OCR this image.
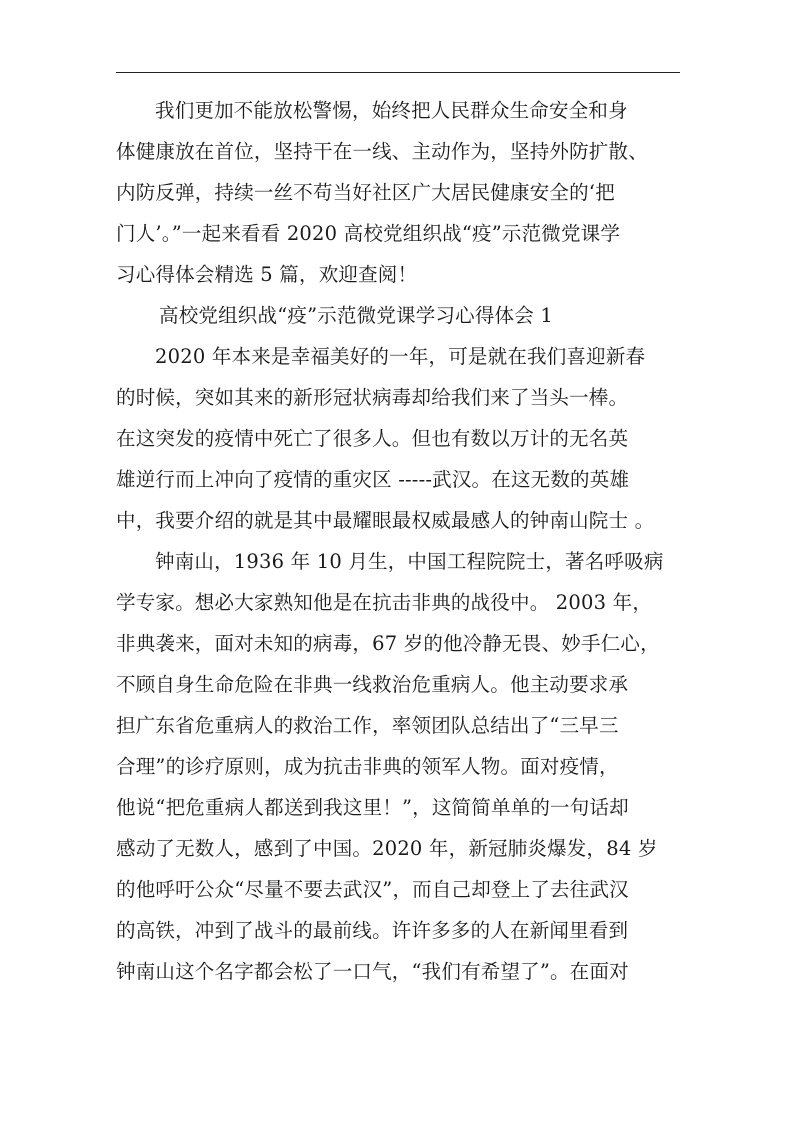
我们更加不能放松警惕，始终把人民群众生命安全和身
体健康放在首位，坚持干在一线、主动作为，坚持外防扩散、
内防反弹，持续一丝不苟当好社区广大居民健康安全的‘把
门人’。”一起来看看 2020 高校党组织战“疫”示范微党课学
习心得体会精选 5 篇，欢迎查阅！
高校党组织战“疫”示范微党课学习心得体会 1
2020 年本来是幸福美好的一年，可是就在我们喜迎新春
的时候，突如其来的新形冠状病毒却给我们来了当头一棒。
在这突发的疫情中死亡了很多人。但也有数以万计的无名英
雄逆行而上冲向了疫情的重灾区 -----武汉。在这无数的英雄
中，我要介绍的就是其中最耀眼最权威最感人的钟南山院士 。
钟南山，1936 年 10 月生，中国工程院院士，著名呼吸病
学专家。想必大家熟知他是在抗击非典的战役中。 2003 年，
非典袭来，面对未知的病毒，67 岁的他冷静无畏、妙手仁心，
不顾自身生命危险在非典一线救治危重病人。他主动要求承
担广东省危重病人的救治工作，率领团队总结出了“三早三
合理”的诊疗原则，成为抗击非典的领军人物。面对疫情，
他说“把危重病人都送到我这里！”，这简简单单的一句话却
感动了无数人，感到了中国。2020 年，新冠肺炎爆发，84 岁
的他呼吁公众“尽量不要去武汉”，而自己却登上了去往武汉
的高铁，冲到了战斗的最前线。许许多多的人在新闻里看到
钟南山这个名字都会松了一口气，“我们有希望了”。在面对
